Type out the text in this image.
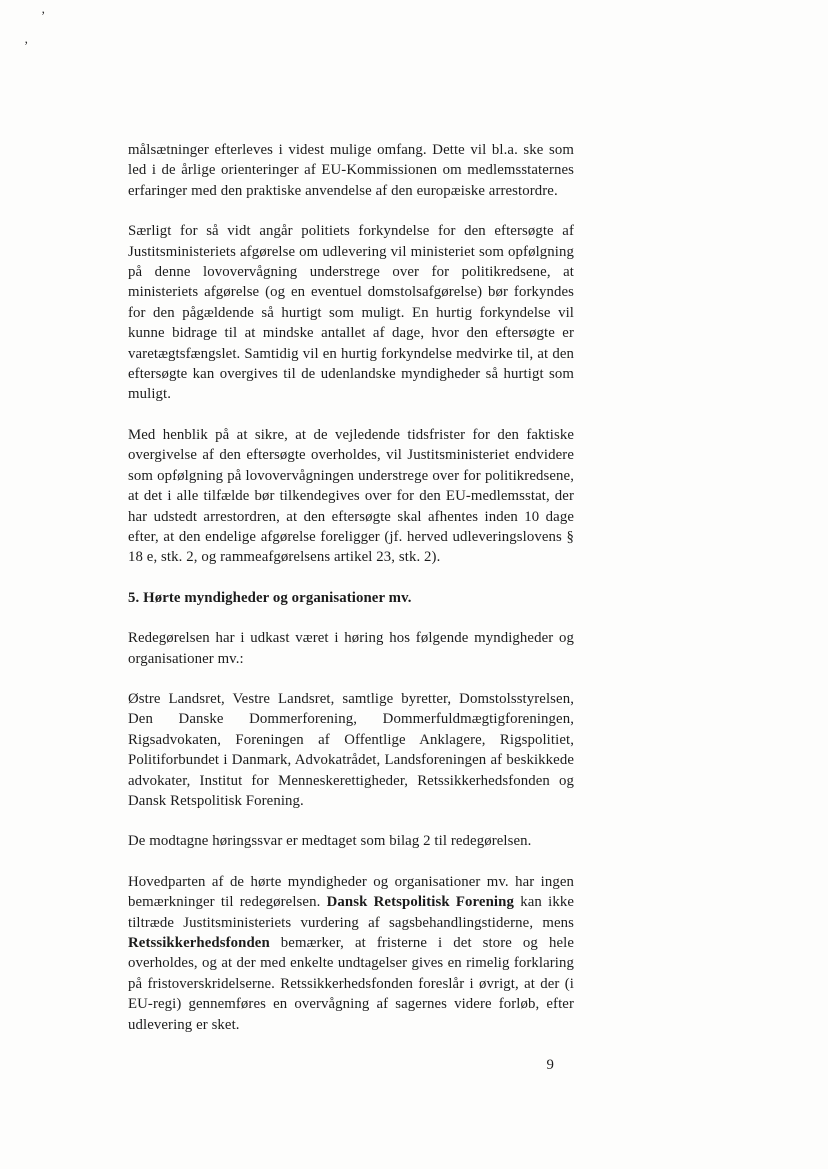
’
’

målsætninger efterleves i videst mulige omfang. Dette vil bl.a. ske som led i de årlige orienteringer af EU-Kommissionen om medlemsstaternes erfaringer med den praktiske anvendelse af den europæiske arrestordre.

Særligt for så vidt angår politiets forkyndelse for den eftersøgte af Justitsministeriets afgørelse om udlevering vil ministeriet som opfølgning på denne lovovervågning understrege over for politikredsene, at ministeriets afgørelse (og en eventuel domstolsafgørelse) bør forkyndes for den pågældende så hurtigt som muligt. En hurtig forkyndelse vil kunne bidrage til at mindske antallet af dage, hvor den eftersøgte er varetægtsfængslet. Samtidig vil en hurtig forkyndelse medvirke til, at den eftersøgte kan overgives til de udenlandske myndigheder så hurtigt som muligt.

Med henblik på at sikre, at de vejledende tidsfrister for den faktiske overgivelse af den eftersøgte overholdes, vil Justitsministeriet endvidere som opfølgning på lovovervågningen understrege over for politikredsene, at det i alle tilfælde bør tilkendegives over for den EU-medlemsstat, der har udstedt arrestordren, at den eftersøgte skal afhentes inden 10 dage efter, at den endelige afgørelse foreligger (jf. herved udleveringslovens § 18 e, stk. 2, og rammeafgørelsens artikel 23, stk. 2).

5. Hørte myndigheder og organisationer mv.

Redegørelsen har i udkast været i høring hos følgende myndigheder og organisationer mv.:

Østre Landsret, Vestre Landsret, samtlige byretter, Domstolsstyrelsen, Den Danske Dommerforening, Dommerfuldmægtigforeningen, Rigsadvokaten, Foreningen af Offentlige Anklagere, Rigspolitiet, Politiforbundet i Danmark, Advokatrådet, Landsforeningen af beskikkede advokater, Institut for Menneskerettigheder, Retssikkerhedsfonden og Dansk Retspolitisk Forening.

De modtagne høringssvar er medtaget som bilag 2 til redegørelsen.

Hovedparten af de hørte myndigheder og organisationer mv. har ingen bemærkninger til redegørelsen. Dansk Retspolitisk Forening kan ikke tiltræde Justitsministeriets vurdering af sagsbehandlingstiderne, mens Retssikkerhedsfonden bemærker, at fristerne i det store og hele overholdes, og at der med enkelte undtagelser gives en rimelig forklaring på fristoverskridelserne. Retssikkerhedsfonden foreslår i øvrigt, at der (i EU-regi) gennemføres en overvågning af sagernes videre forløb, efter udlevering er sket.

9
